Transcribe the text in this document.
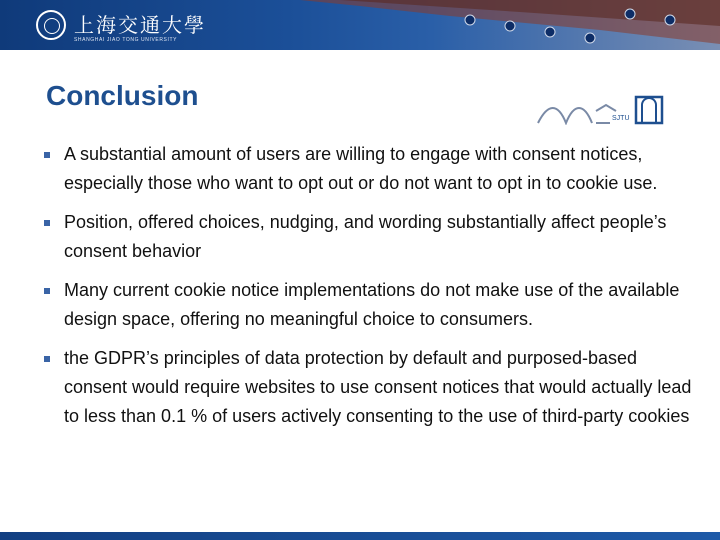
上海交通大學
SHANGHAI JIAO TONG UNIVERSITY
Conclusion
SJTU
A substantial amount of users are willing to engage with consent notices, especially those who want to opt out or do not want to opt in to cookie use.
Position, offered choices, nudging, and wording substantially affect people’s consent behavior
Many current cookie notice implementations do not make use of the available design space, offering no meaningful choice to consumers.
the GDPR’s principles of data protection by default and purposed-based consent would require websites to use consent notices that would actually lead to less than 0.1 % of users actively consenting to the use of third-party cookies
